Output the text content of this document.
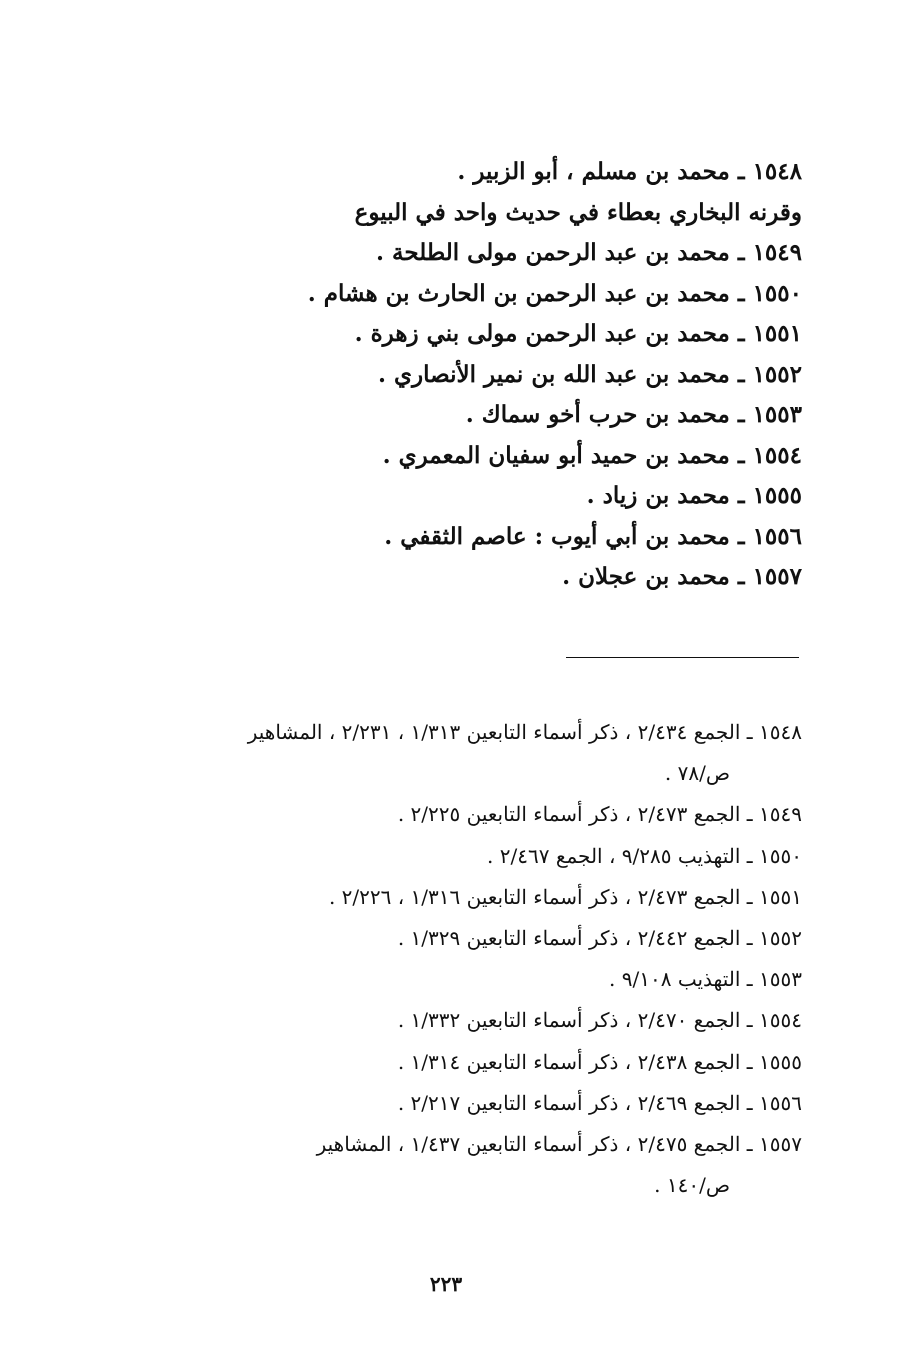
١٥٤٨ ـ محمد بن مسلم ، أبو الزبير .
وقرنه البخاري بعطاء في حديث واحد في البيوع
١٥٤٩ ـ محمد بن عبد الرحمن مولى الطلحة .
١٥٥٠ ـ محمد بن عبد الرحمن بن الحارث بن هشام .
١٥٥١ ـ محمد بن عبد الرحمن مولى بني زهرة .
١٥٥٢ ـ محمد بن عبد الله بن نمير الأنصاري .
١٥٥٣ ـ محمد بن حرب أخو سماك .
١٥٥٤ ـ محمد بن حميد أبو سفيان المعمري .
١٥٥٥ ـ محمد بن زياد .
١٥٥٦ ـ محمد بن أبي أيوب : عاصم الثقفي .
١٥٥٧ ـ محمد بن عجلان .
١٥٤٨ ـ الجمع ٢/٤٣٤ ، ذكر أسماء التابعين ١/٣١٣ ، ٢/٢٣١ ، المشاهير
ص/٧٨ .
١٥٤٩ ـ الجمع ٢/٤٧٣ ، ذكر أسماء التابعين ٢/٢٢٥ .
١٥٥٠ ـ التهذيب ٩/٢٨٥ ، الجمع ٢/٤٦٧ .
١٥٥١ ـ الجمع ٢/٤٧٣ ، ذكر أسماء التابعين ١/٣١٦ ، ٢/٢٢٦ .
١٥٥٢ ـ الجمع ٢/٤٤٢ ، ذكر أسماء التابعين ١/٣٢٩ .
١٥٥٣ ـ التهذيب ٩/١٠٨ .
١٥٥٤ ـ الجمع ٢/٤٧٠ ، ذكر أسماء التابعين ١/٣٣٢ .
١٥٥٥ ـ الجمع ٢/٤٣٨ ، ذكر أسماء التابعين ١/٣١٤ .
١٥٥٦ ـ الجمع ٢/٤٦٩ ، ذكر أسماء التابعين ٢/٢١٧ .
١٥٥٧ ـ الجمع ٢/٤٧٥ ، ذكر أسماء التابعين ١/٤٣٧ ، المشاهير
ص/١٤٠ .
٢٢٣
